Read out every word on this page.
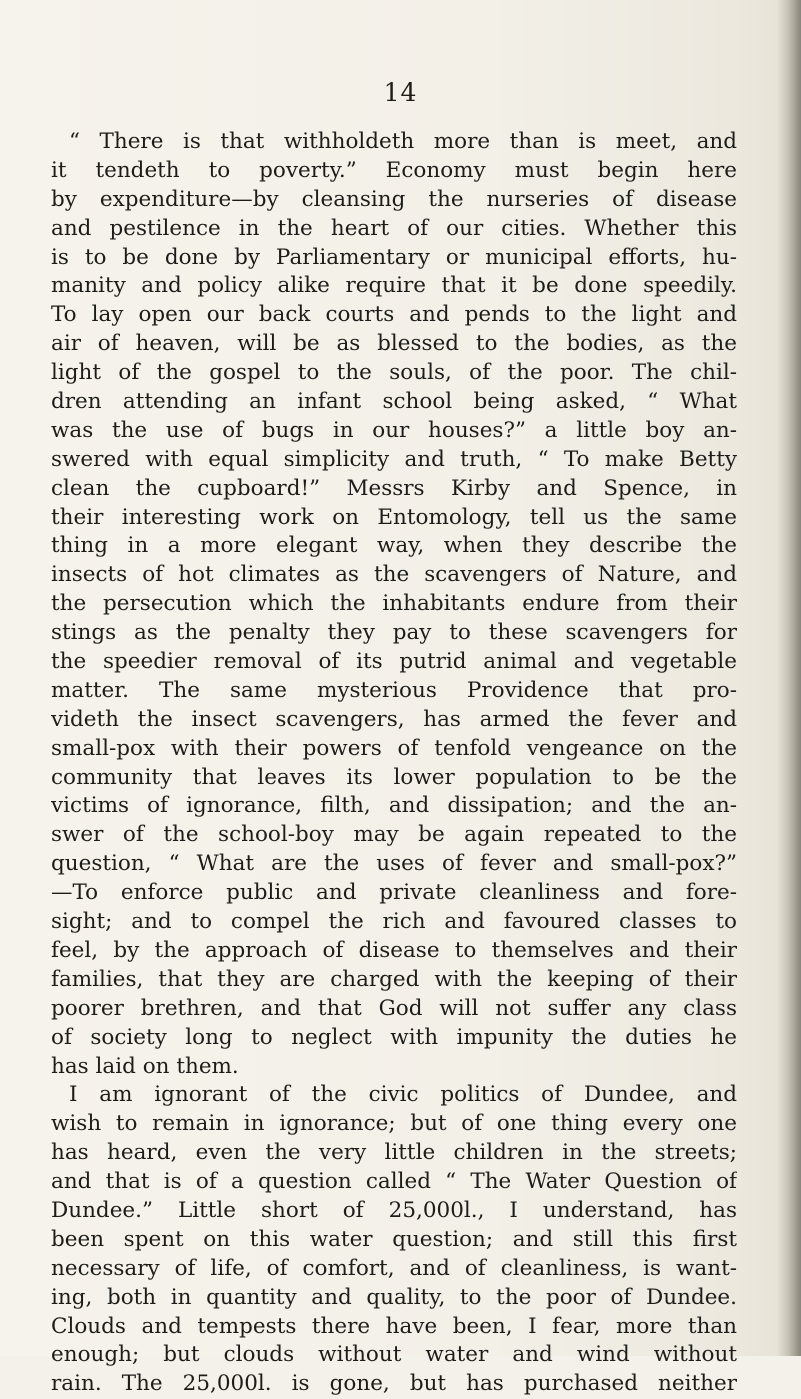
14
“ There is that withholdeth more than is meet, and
it tendeth to poverty.” Economy must begin here
by expenditure—by cleansing the nurseries of disease
and pestilence in the heart of our cities. Whether this
is to be done by Parliamentary or municipal efforts, hu-
manity and policy alike require that it be done speedily.
To lay open our back courts and pends to the light and
air of heaven, will be as blessed to the bodies, as the
light of the gospel to the souls, of the poor. The chil-
dren attending an infant school being asked, “ What
was the use of bugs in our houses?” a little boy an-
swered with equal simplicity and truth, “ To make Betty
clean the cupboard!” Messrs Kirby and Spence, in
their interesting work on Entomology, tell us the same
thing in a more elegant way, when they describe the
insects of hot climates as the scavengers of Nature, and
the persecution which the inhabitants endure from their
stings as the penalty they pay to these scavengers for
the speedier removal of its putrid animal and vegetable
matter. The same mysterious Providence that pro-
videth the insect scavengers, has armed the fever and
small-pox with their powers of tenfold vengeance on the
community that leaves its lower population to be the
victims of ignorance, filth, and dissipation; and the an-
swer of the school-boy may be again repeated to the
question, “ What are the uses of fever and small-pox?”
—To enforce public and private cleanliness and fore-
sight; and to compel the rich and favoured classes to
feel, by the approach of disease to themselves and their
families, that they are charged with the keeping of their
poorer brethren, and that God will not suffer any class
of society long to neglect with impunity the duties he
has laid on them.
I am ignorant of the civic politics of Dundee, and
wish to remain in ignorance; but of one thing every one
has heard, even the very little children in the streets;
and that is of a question called “ The Water Question of
Dundee.” Little short of 25,000l., I understand, has
been spent on this water question; and still this first
necessary of life, of comfort, and of cleanliness, is want-
ing, both in quantity and quality, to the poor of Dundee.
Clouds and tempests there have been, I fear, more than
enough; but clouds without water and wind without
rain. The 25,000l. is gone, but has purchased neither
